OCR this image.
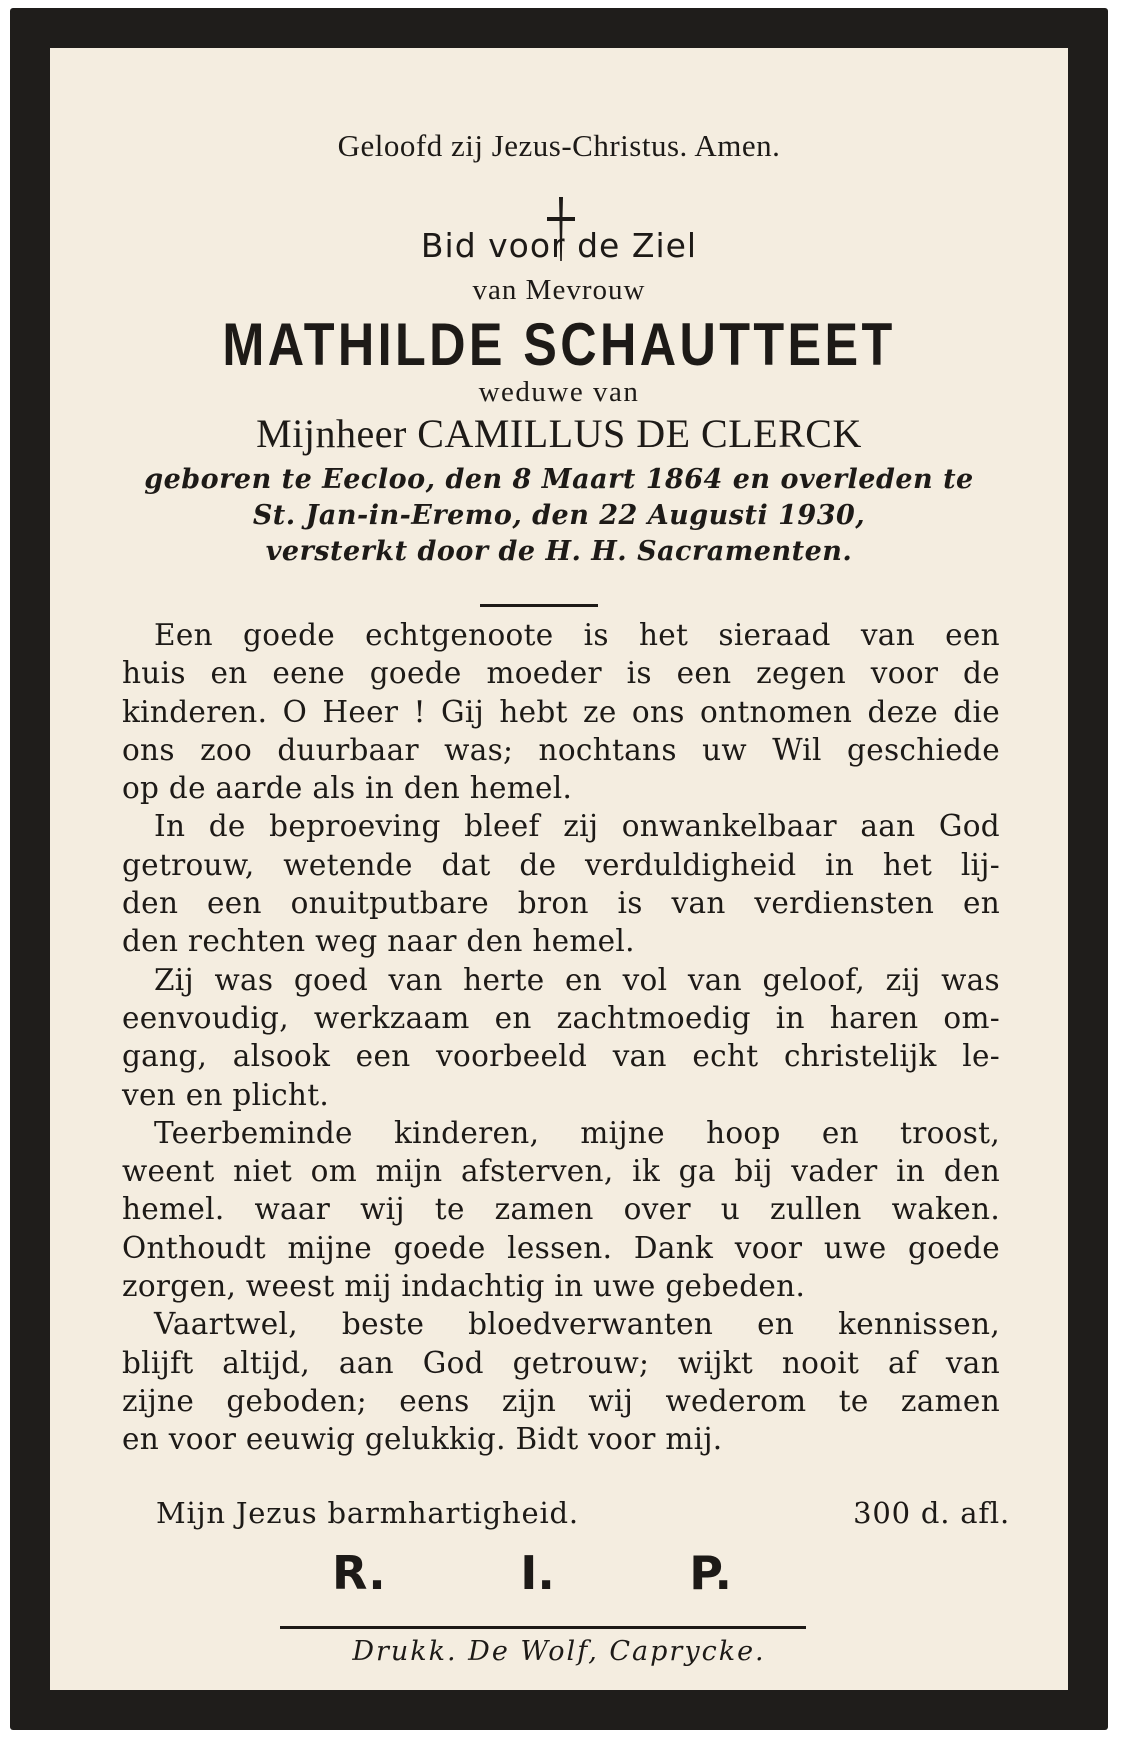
Geloofd zij Jezus-Christus. Amen.
Bid voor de Ziel
van Mevrouw
MATHILDE SCHAUTTEET
weduwe van
Mijnheer CAMILLUS DE CLERCK
geboren te Eecloo, den 8 Maart 1864 en overleden te
St. Jan-in-Eremo, den 22 Augusti 1930,
versterkt door de H. H. Sacramenten.

Een goede echtgenoote is het sieraad van een
huis en eene goede moeder is een zegen voor de
kinderen. O Heer ! Gij hebt ze ons ontnomen deze die
ons zoo duurbaar was; nochtans uw Wil geschiede
op de aarde als in den hemel.

In de beproeving bleef zij onwankelbaar aan God
getrouw, wetende dat de verduldigheid in het lij-
den een onuitputbare bron is van verdiensten en
den rechten weg naar den hemel.

Zij was goed van herte en vol van geloof, zij was
eenvoudig, werkzaam en zachtmoedig in haren om-
gang, alsook een voorbeeld van echt christelijk le-
ven en plicht.

Teerbeminde kinderen, mijne hoop en troost,
weent niet om mijn afsterven, ik ga bij vader in den
hemel. waar wij te zamen over u zullen waken.
Onthoudt mijne goede lessen. Dank voor uwe goede
zorgen, weest mij indachtig in uwe gebeden.

Vaartwel, beste bloedverwanten en kennissen,
blijft altijd, aan God getrouw; wijkt nooit af van
zijne geboden; eens zijn wij wederom te zamen
en voor eeuwig gelukkig. Bidt voor mij.

Mijn Jezus barmhartigheid.	300 d. afl.
R.	I.	P.
Drukk. De Wolf, Caprycke.
